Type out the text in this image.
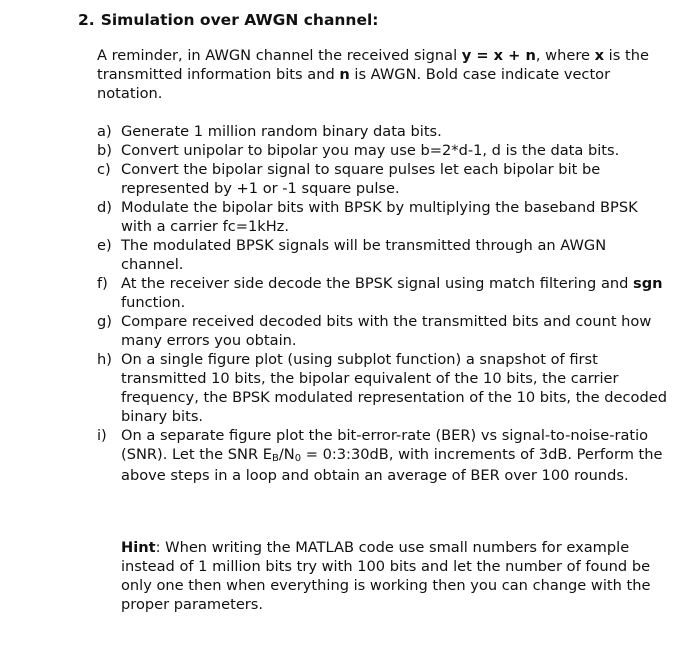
2. Simulation over AWGN channel:

A reminder, in AWGN channel the received signal y = x + n, where x is the transmitted information bits and n is AWGN. Bold case indicate vector notation.

a) Generate 1 million random binary data bits.
b) Convert unipolar to bipolar you may use b=2*d-1, d is the data bits.
c) Convert the bipolar signal to square pulses let each bipolar bit be represented by +1 or -1 square pulse.
d) Modulate the bipolar bits with BPSK by multiplying the baseband BPSK with a carrier fc=1kHz.
e) The modulated BPSK signals will be transmitted through an AWGN channel.
f) At the receiver side decode the BPSK signal using match filtering and sgn function.
g) Compare received decoded bits with the transmitted bits and count how many errors you obtain.
h) On a single figure plot (using subplot function) a snapshot of first transmitted 10 bits, the bipolar equivalent of the 10 bits, the carrier frequency, the BPSK modulated representation of the 10 bits, the decoded binary bits.
i) On a separate figure plot the bit-error-rate (BER) vs signal-to-noise-ratio (SNR). Let the SNR $E_B/N_0$ = 0:3:30dB, with increments of 3dB. Perform the above steps in a loop and obtain an average of BER over 100 rounds.

Hint: When writing the MATLAB code use small numbers for example instead of 1 million bits try with 100 bits and let the number of found be only one then when everything is working then you can change with the proper parameters.
